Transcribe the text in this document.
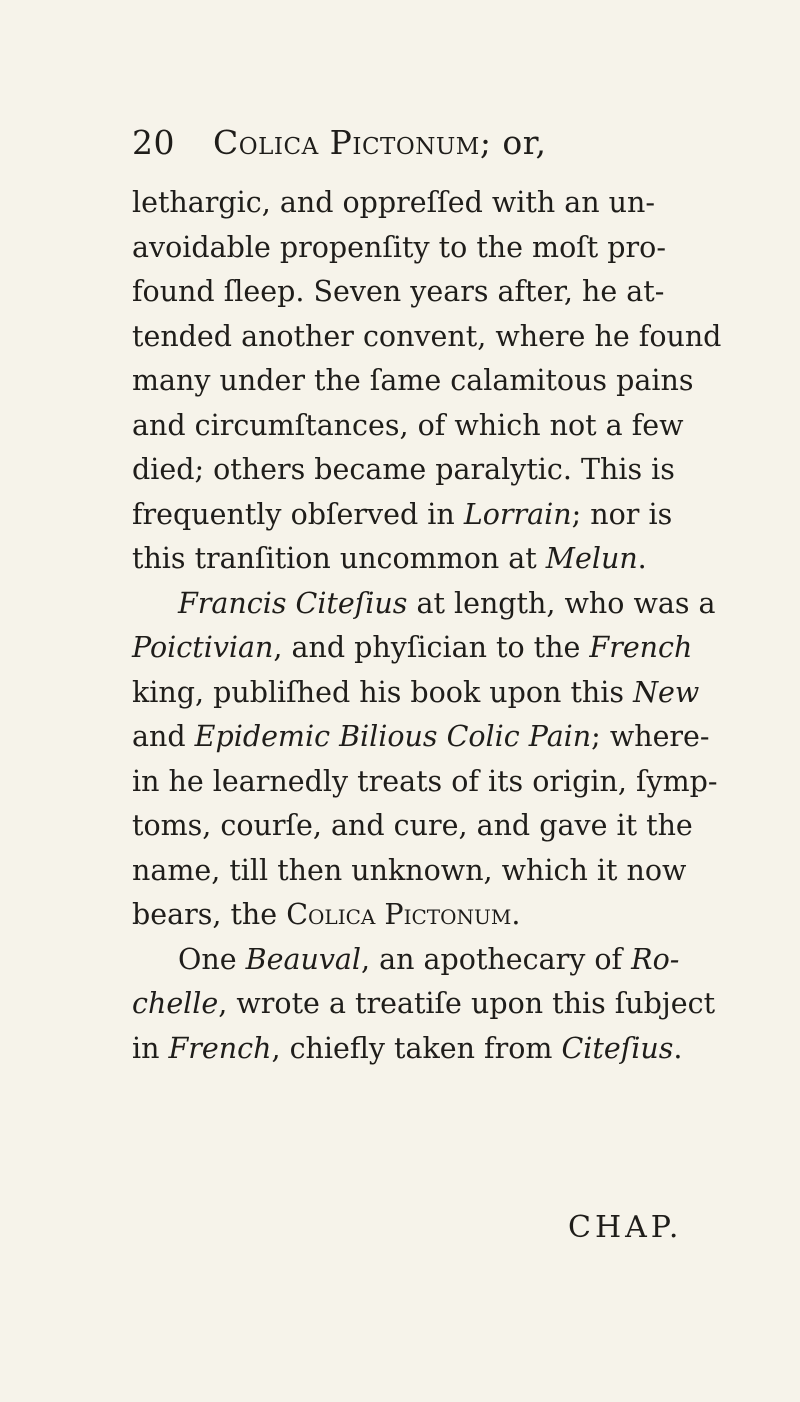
20 Colica Pictonum ; or,
lethargic, and oppreſſed with an un-
avoidable propenſity to the moſt pro-
found ſleep. Seven years after, he at-
tended another convent, where he found
many under the ſame calamitous pains
and circumſtances, of which not a few
died; others became paralytic. This is
frequently obſerved in Lorrain; nor is
this tranſition uncommon at Melun.
Francis Citeſius at length, who was a
Poictivian, and phyſician to the French
king, publiſhed his book upon this New
and Epidemic Bilious Colic Pain; where-
in he learnedly treats of its origin, ſymp-
toms, courſe, and cure, and gave it the
name, till then unknown, which it now
bears, the Colica Pictonum.
One Beauval, an apothecary of Ro-
chelle, wrote a treatiſe upon this ſubject
in French, chiefly taken from Citeſius.
CHAP.
